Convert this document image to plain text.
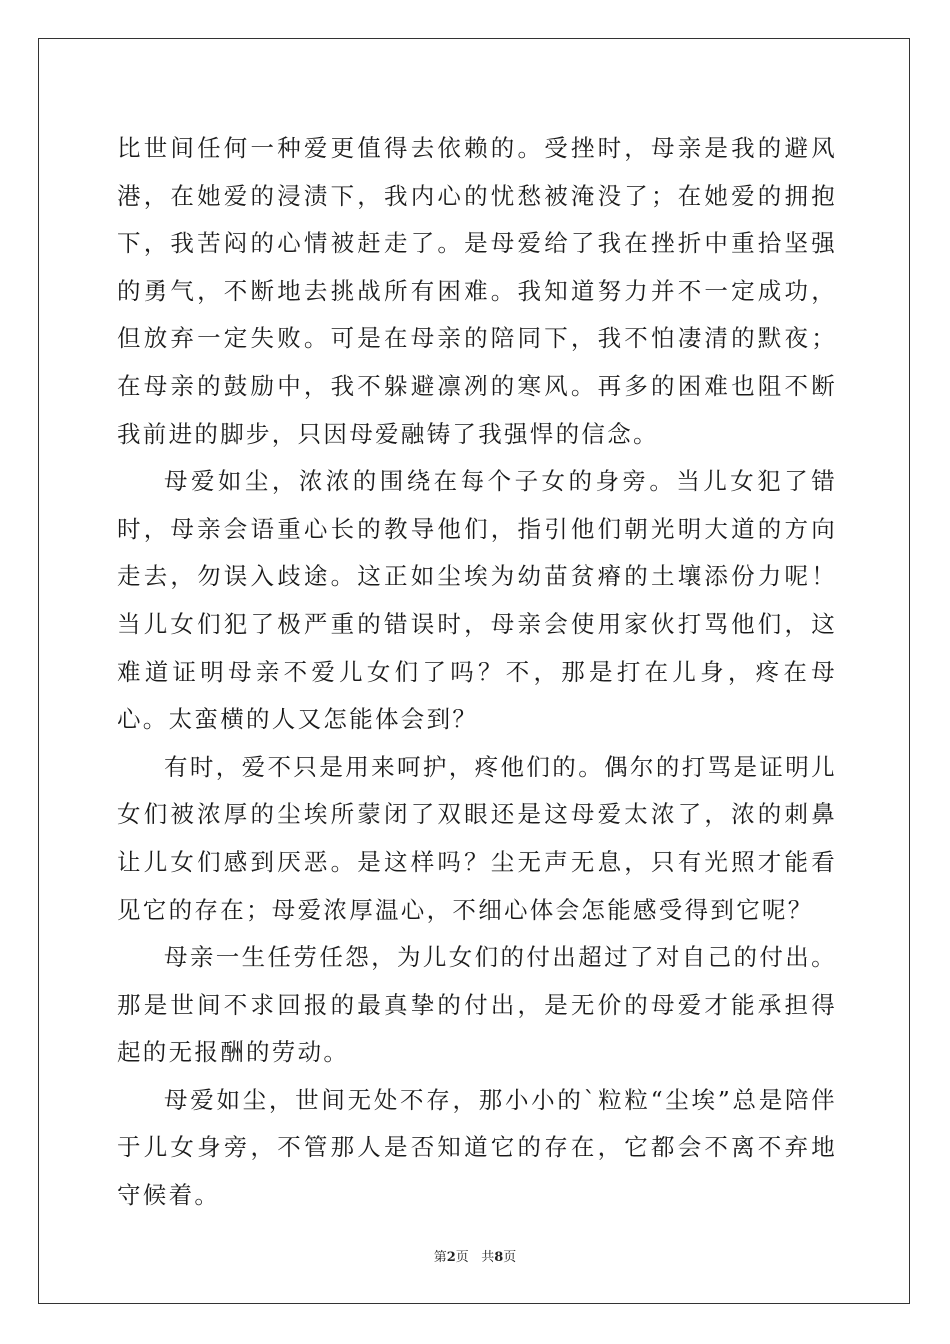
比世间任何一种爱更值得去依赖的。受挫时，母亲是我的避风港，在她爱的浸渍下，我内心的忧愁被淹没了；在她爱的拥抱下，我苦闷的心情被赶走了。是母爱给了我在挫折中重拾坚强的勇气，不断地去挑战所有困难。我知道努力并不一定成功，但放弃一定失败。可是在母亲的陪同下，我不怕凄清的默夜；在母亲的鼓励中，我不躲避凛冽的寒风。再多的困难也阻不断我前进的脚步，只因母爱融铸了我强悍的信念。

母爱如尘，浓浓的围绕在每个子女的身旁。当儿女犯了错时，母亲会语重心长的教导他们，指引他们朝光明大道的方向走去，勿误入歧途。这正如尘埃为幼苗贫瘠的土壤添份力呢！当儿女们犯了极严重的错误时，母亲会使用家伙打骂他们，这难道证明母亲不爱儿女们了吗？不，那是打在儿身，疼在母心。太蛮横的人又怎能体会到？

有时，爱不只是用来呵护，疼他们的。偶尔的打骂是证明儿女们被浓厚的尘埃所蒙闭了双眼还是这母爱太浓了，浓的刺鼻让儿女们感到厌恶。是这样吗？尘无声无息，只有光照才能看见它的存在；母爱浓厚温心，不细心体会怎能感受得到它呢？

母亲一生任劳任怨，为儿女们的付出超过了对自己的付出。那是世间不求回报的最真挚的付出，是无价的母爱才能承担得起的无报酬的劳动。

母爱如尘，世间无处不存，那小小的`粒粒“尘埃”总是陪伴于儿女身旁，不管那人是否知道它的存在，它都会不离不弃地守候着。

第2页 共8页
